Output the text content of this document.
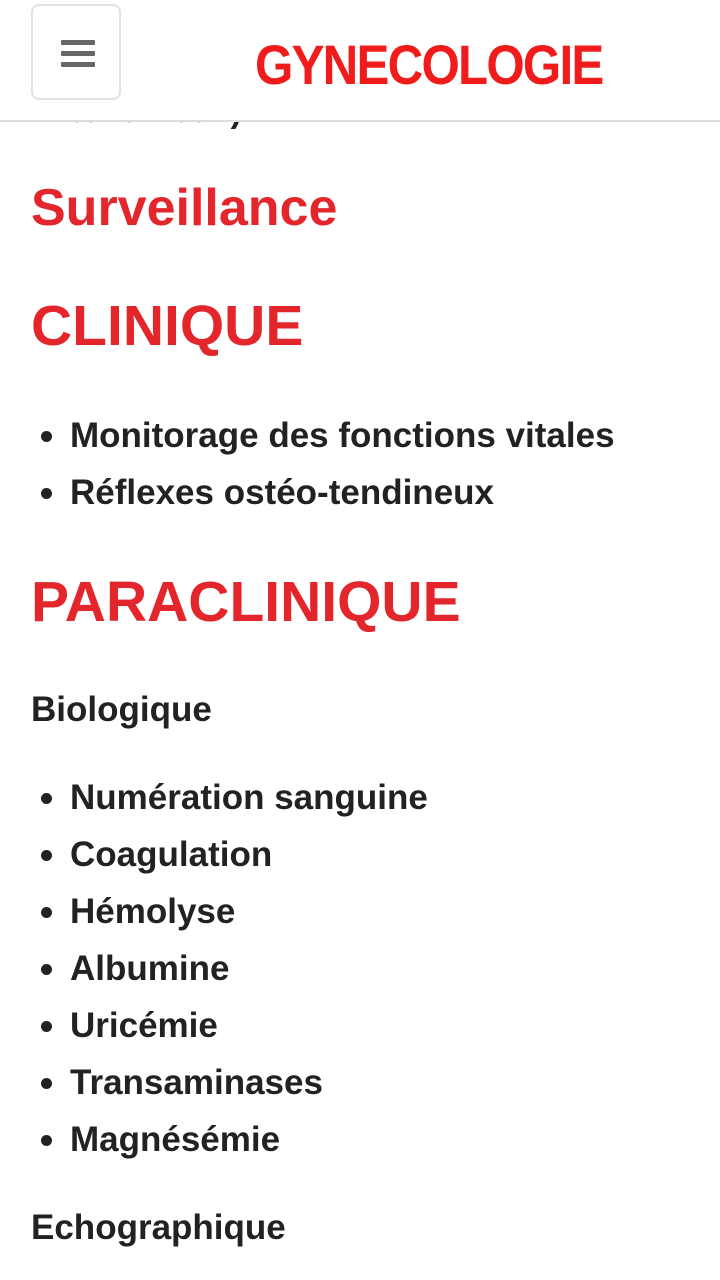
GYNECOLOGIE
Surveillance
CLINIQUE
Monitorage des fonctions vitales
Réflexes ostéo-tendineux
PARACLINIQUE

Biologique

Numération sanguine
Coagulation
Hémolyse
Albumine
Uricémie
Transaminases
Magnésémie

Echographique
